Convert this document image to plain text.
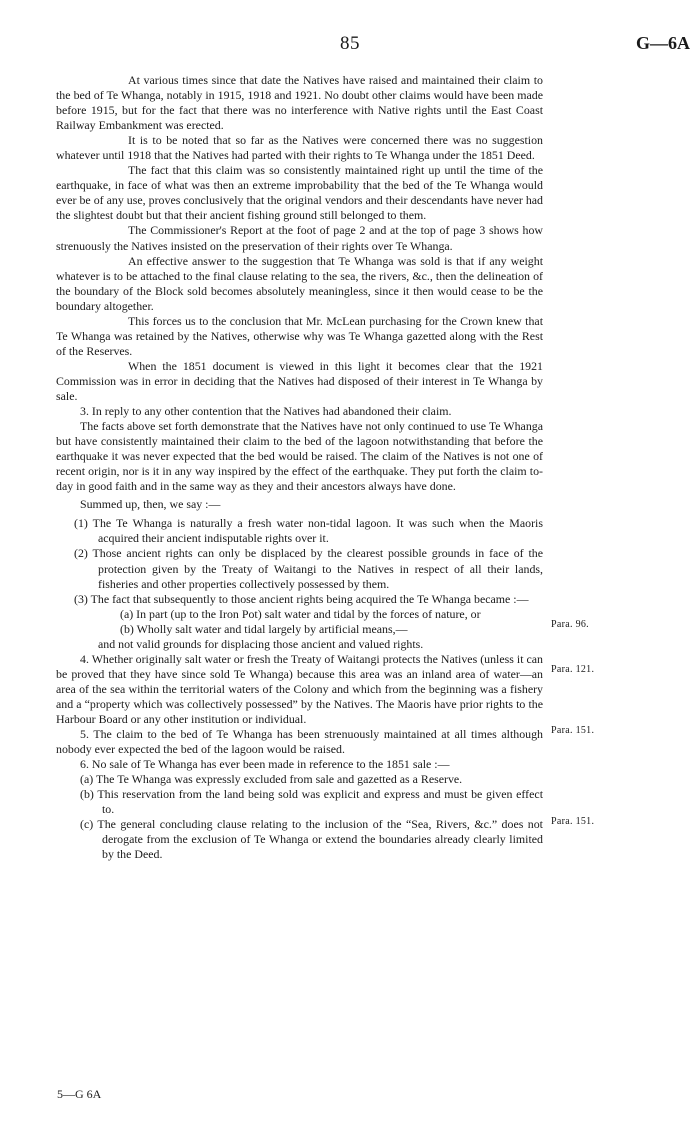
85	G—6A

At various times since that date the Natives have raised and maintained their claim to the bed of Te Whanga, notably in 1915, 1918 and 1921. No doubt other claims would have been made before 1915, but for the fact that there was no interference with Native rights until the East Coast Railway Embankment was erected.

It is to be noted that so far as the Natives were concerned there was no suggestion whatever until 1918 that the Natives had parted with their rights to Te Whanga under the 1851 Deed.

The fact that this claim was so consistently maintained right up until the time of the earthquake, in face of what was then an extreme improbability that the bed of the Te Whanga would ever be of any use, proves conclusively that the original vendors and their descendants have never had the slightest doubt but that their ancient fishing ground still belonged to them.

The Commissioner's Report at the foot of page 2 and at the top of page 3 shows how strenuously the Natives insisted on the preservation of their rights over Te Whanga.

An effective answer to the suggestion that Te Whanga was sold is that if any weight whatever is to be attached to the final clause relating to the sea, the rivers, &c., then the delineation of the boundary of the Block sold becomes absolutely meaningless, since it then would cease to be the boundary altogether.

This forces us to the conclusion that Mr. McLean purchasing for the Crown knew that Te Whanga was retained by the Natives, otherwise why was Te Whanga gazetted along with the Rest of the Reserves.

When the 1851 document is viewed in this light it becomes clear that the 1921 Commission was in error in deciding that the Natives had disposed of their interest in Te Whanga by sale.

3. In reply to any other contention that the Natives had abandoned their claim.

The facts above set forth demonstrate that the Natives have not only continued to use Te Whanga but have consistently maintained their claim to the bed of the lagoon notwithstanding that before the earthquake it was never expected that the bed would be raised. The claim of the Natives is not one of recent origin, nor is it in any way inspired by the effect of the earthquake. They put forth the claim to-day in good faith and in the same way as they and their ancestors always have done.

Summed up, then, we say :—

(1) The Te Whanga is naturally a fresh water non-tidal lagoon. It was such when the Maoris acquired their ancient indisputable rights over it.

(2) Those ancient rights can only be displaced by the clearest possible grounds in face of the protection given by the Treaty of Waitangi to the Natives in respect of all their lands, fisheries and other properties collectively possessed by them.

(3) The fact that subsequently to those ancient rights being acquired the Te Whanga became :—

(a) In part (up to the Iron Pot) salt water and tidal by the forces of nature, or

(b) Wholly salt water and tidal largely by artificial means,—

and not valid grounds for displacing those ancient and valued rights.

4. Whether originally salt water or fresh the Treaty of Waitangi protects the Natives (unless it can be proved that they have since sold Te Whanga) because this area was an inland area of water—an area of the sea within the territorial waters of the Colony and which from the beginning was a fishery and a “property which was collectively possessed” by the Natives. The Maoris have prior rights to the Harbour Board or any other institution or individual.

5. The claim to the bed of Te Whanga has been strenuously maintained at all times although nobody ever expected the bed of the lagoon would be raised.

6. No sale of Te Whanga has ever been made in reference to the 1851 sale :—

(a) The Te Whanga was expressly excluded from sale and gazetted as a Reserve.

(b) This reservation from the land being sold was explicit and express and must be given effect to.

(c) The general concluding clause relating to the inclusion of the “Sea, Rivers, &c.” does not derogate from the exclusion of Te Whanga or extend the boundaries already clearly limited by the Deed.

Para. 96.
Para. 121.
Para. 151.
Para. 151.
5—G 6A
